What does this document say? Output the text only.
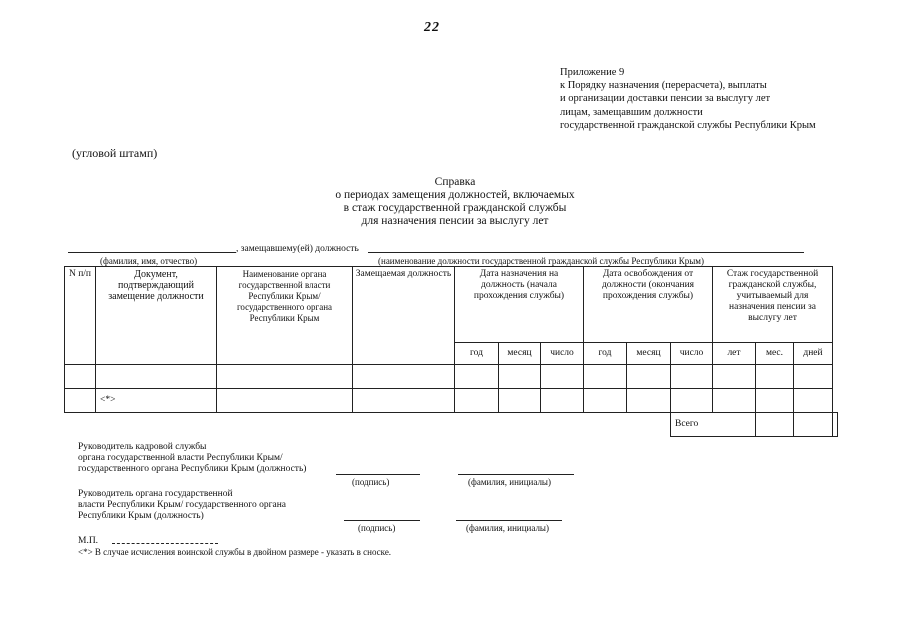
22
Приложение 9
к Порядку назначения (перерасчета), выплаты
и организации доставки пенсии за выслугу лет
лицам, замещавшим должности
государственной гражданской службы Республики Крым
(угловой штамп)
Справка
о периодах замещения должностей, включаемых
в стаж государственной гражданской службы
для назначения пенсии за выслугу лет
, замещавшему(ей) должность
(фамилия, имя, отчество)	(наименование должности государственной гражданской службы Республики Крым)
N п/п	Документ, подтверждающий замещение должности	Наименование органа государственной власти Республики Крым/государственного органа Республики Крым	Замещаемая должность	Дата назначения на должность (начала прохождения службы)			Дата освобождения от должности (окончания прохождения службы)			Стаж государственной гражданской службы, учитываемый для назначения пенсии за выслугу лет			
				год	месяц	число	год	месяц	число	лет	мес.	дней	

	<*>												
									Всего				
Руководитель кадровой службы
органа государственной власти Республики Крым/
государственного органа Республики Крым (должность)
(подпись)	(фамилия, инициалы)
Руководитель органа государственной
власти Республики Крым/ государственного органа
Республики Крым (должность)
(подпись)	(фамилия, инициалы)
М.П.
<*> В случае исчисления воинской службы в двойном размере - указать в сноске.
